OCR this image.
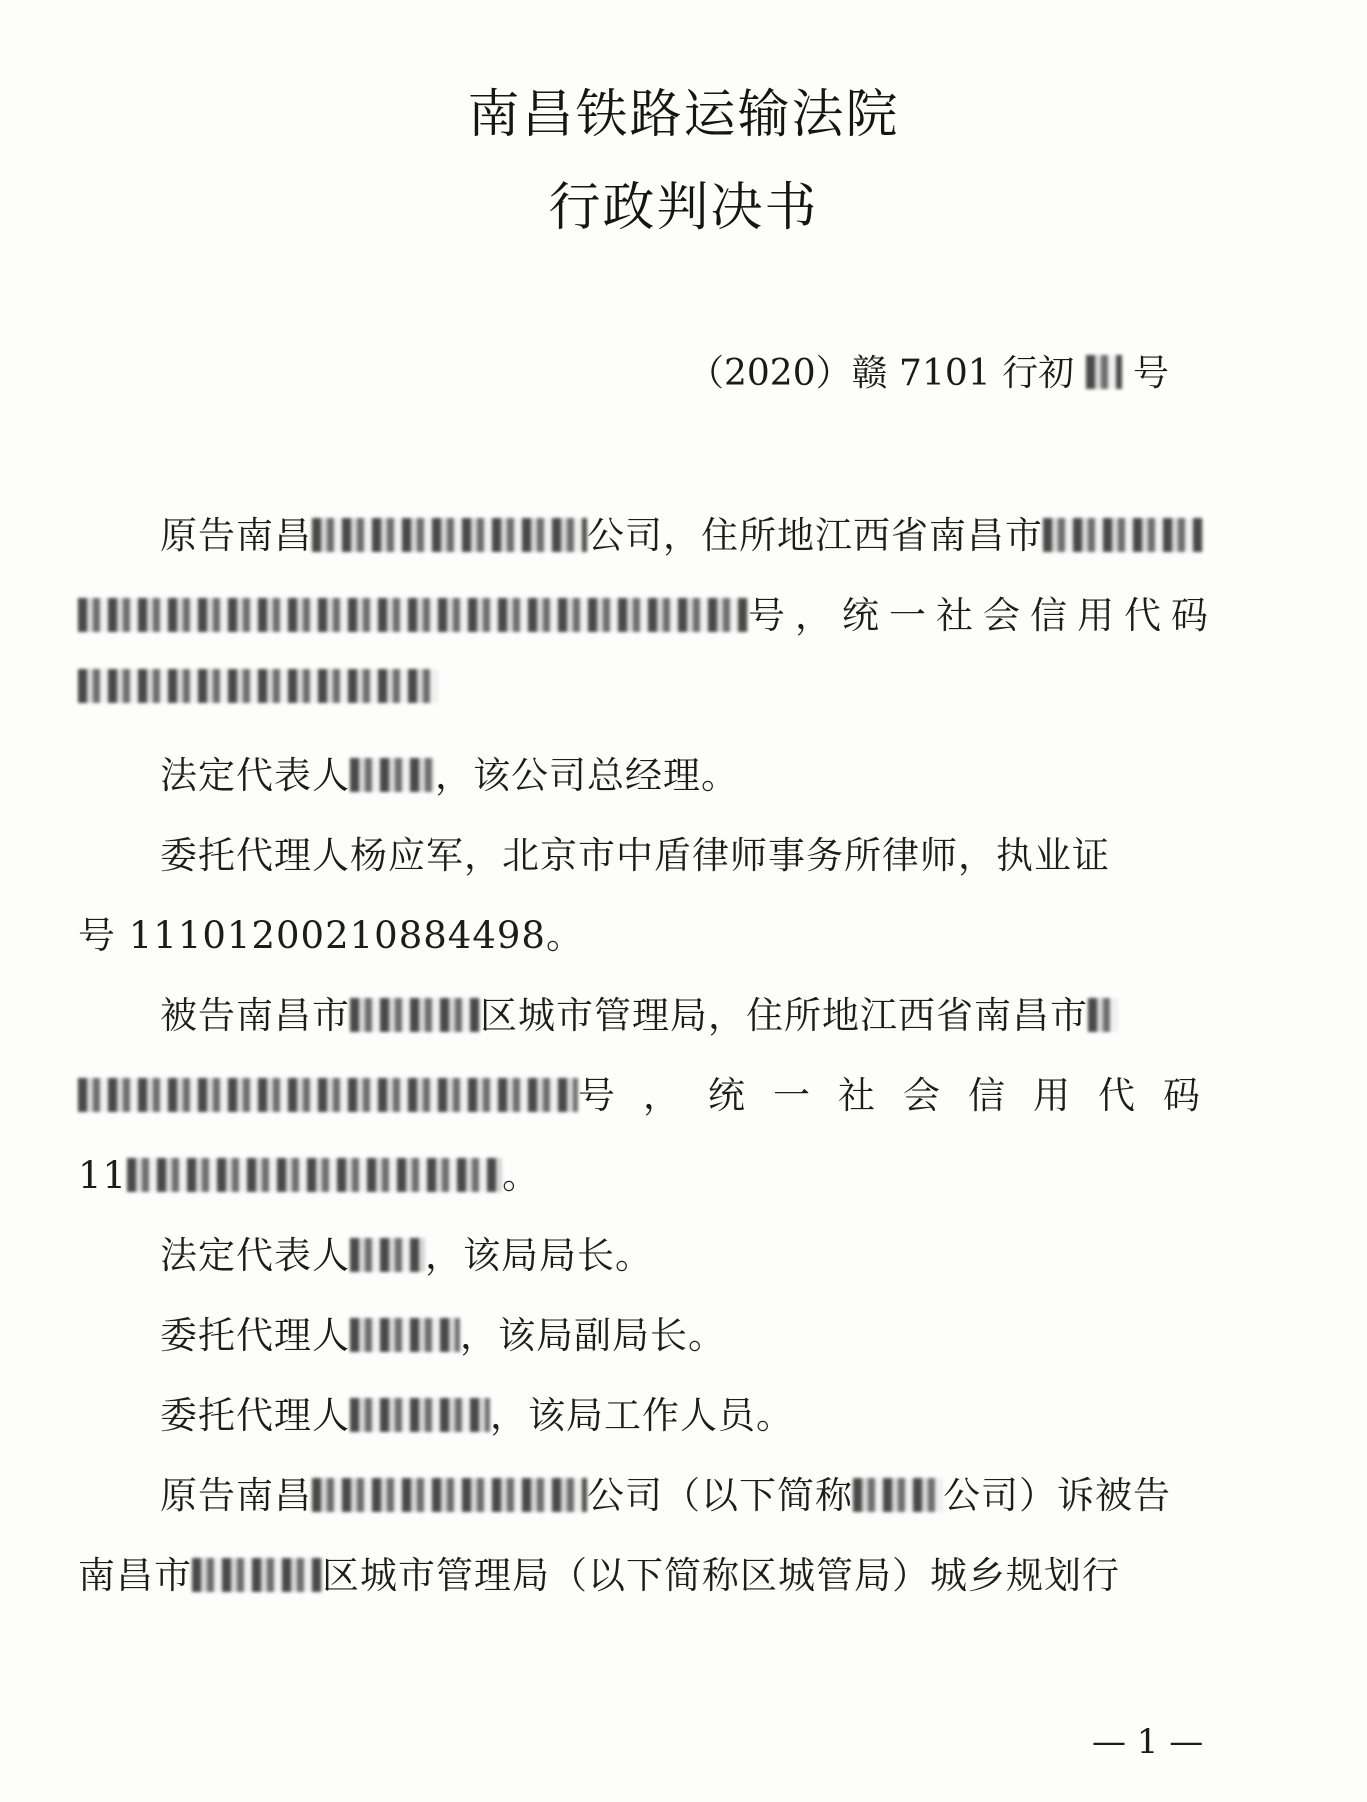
南昌铁路运输法院
行政判决书
（2020）赣 7101 行初 号
原告南昌	公司，住所地江西省南昌市
号，统一社会信用代码
法定代表人 ，该公司总经理。
委托代理人杨应军，北京市中盾律师事务所律师，执业证
号 11101200210884498。
被告南昌市	区城市管理局，住所地江西省南昌市
号，统一社会信用代码
11	。
法定代表人 ，该局局长。
委托代理人	，该局副局长。
委托代理人	，该局工作人员。
原告南昌	公司（以下简称 公司）诉被告
南昌市	区城市管理局（以下简称区城管局）城乡规划行
— 1 —
